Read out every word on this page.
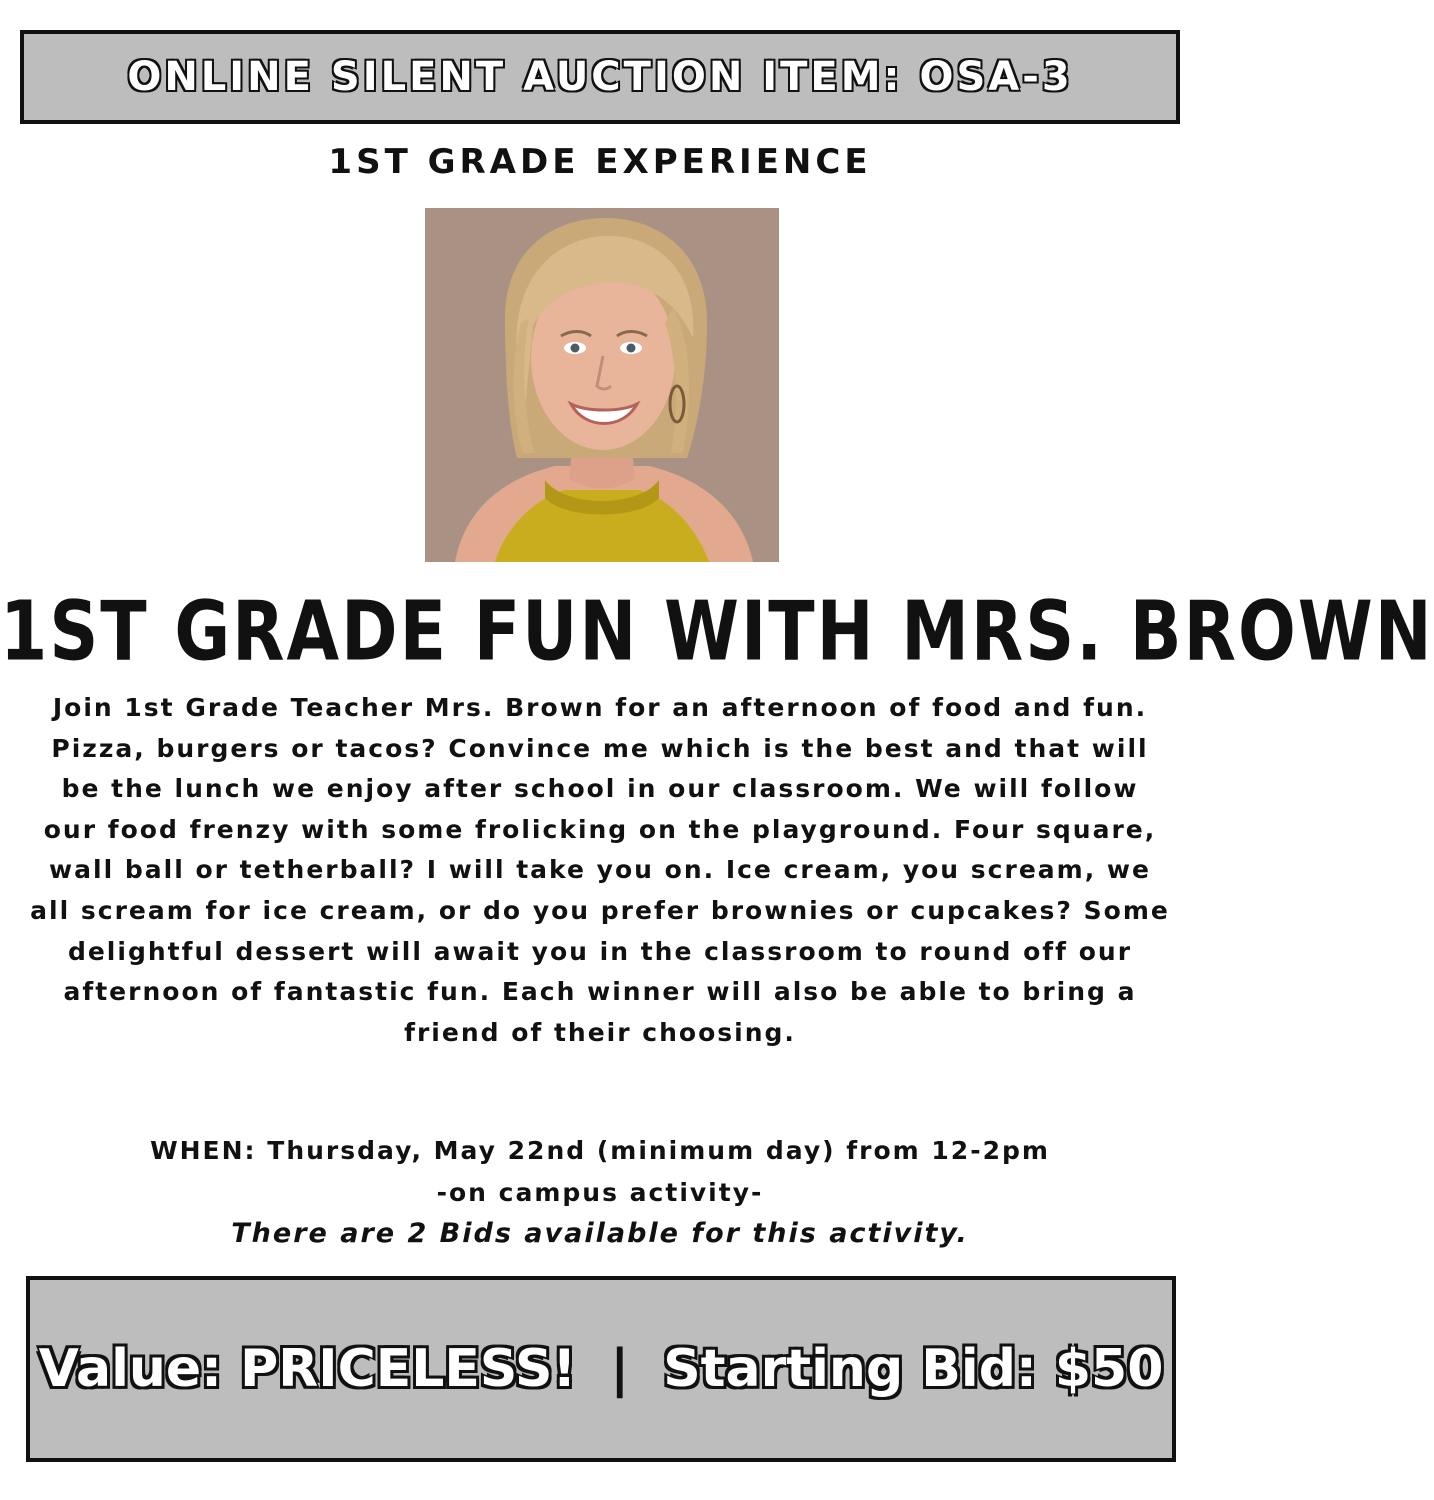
ONLINE SILENT AUCTION ITEM: OSA-3
1ST GRADE EXPERIENCE
1ST GRADE FUN WITH MRS. BROWN

Join 1st Grade Teacher Mrs. Brown for an afternoon of food and fun. Pizza, burgers or tacos? Convince me which is the best and that will be the lunch we enjoy after school in our classroom. We will follow our food frenzy with some frolicking on the playground. Four square, wall ball or tetherball? I will take you on. Ice cream, you scream, we all scream for ice cream, or do you prefer brownies or cupcakes? Some delightful dessert will await you in the classroom to round off our afternoon of fantastic fun. Each winner will also be able to bring a friend of their choosing.

WHEN: Thursday, May 22nd (minimum day) from 12-2pm
-on campus activity-
There are 2 Bids available for this activity.
Value: PRICELESS! | Starting Bid: $50
